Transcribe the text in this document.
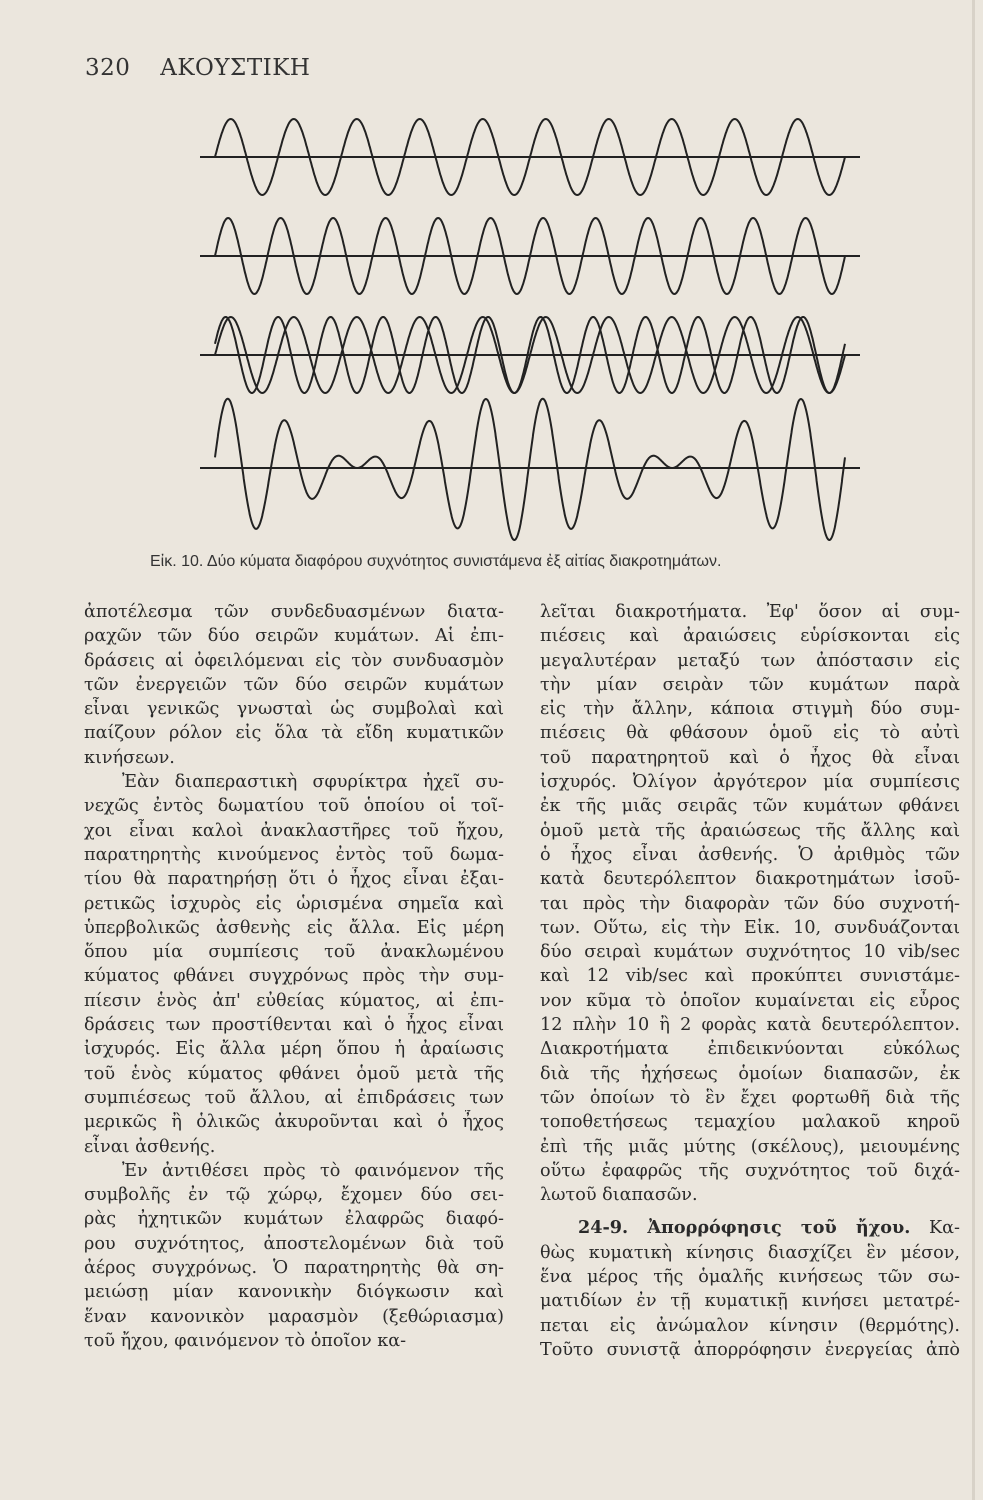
320 ΑΚΟΥΣΤΙΚΗ
Εἰκ. 10. Δύο κύματα διαφόρου συχνότητος συνιστάμενα ἐξ αἰτίας διακροτημάτων.
ἀποτέλεσμα τῶν συνδεδυασμένων διατα-
ραχῶν τῶν δύο σειρῶν κυμάτων. Αἱ ἐπι-
δράσεις αἱ ὀφειλόμεναι εἰς τὸν συνδυασμὸν
τῶν ἐνεργειῶν τῶν δύο σειρῶν κυμάτων
εἶναι γενικῶς γνωσταὶ ὡς συμβολαὶ καὶ
παίζουν ρόλον εἰς ὅλα τὰ εἴδη κυματικῶν
κινήσεων.
Ἐὰν διαπεραστικὴ σφυρίκτρα ἠχεῖ συ-
νεχῶς ἐντὸς δωματίου τοῦ ὁποίου οἱ τοῖ-
χοι εἶναι καλοὶ ἀνακλαστῆρες τοῦ ἤχου,
παρατηρητὴς κινούμενος ἐντὸς τοῦ δωμα-
τίου θὰ παρατηρήσῃ ὅτι ὁ ἦχος εἶναι ἐξαι-
ρετικῶς ἰσχυρὸς εἰς ὡρισμένα σημεῖα καὶ
ὑπερβολικῶς ἀσθενὴς εἰς ἄλλα. Εἰς μέρη
ὅπου μία συμπίεσις τοῦ ἀνακλωμένου
κύματος φθάνει συγχρόνως πρὸς τὴν συμ-
πίεσιν ἑνὸς ἀπ' εὐθείας κύματος, αἱ ἐπι-
δράσεις των προστίθενται καὶ ὁ ἦχος εἶναι
ἰσχυρός. Εἰς ἄλλα μέρη ὅπου ἡ ἀραίωσις
τοῦ ἑνὸς κύματος φθάνει ὁμοῦ μετὰ τῆς
συμπιέσεως τοῦ ἄλλου, αἱ ἐπιδράσεις των
μερικῶς ἢ ὁλικῶς ἀκυροῦνται καὶ ὁ ἦχος
εἶναι ἀσθενής.
Ἐν ἀντιθέσει πρὸς τὸ φαινόμενον τῆς
συμβολῆς ἐν τῷ χώρῳ, ἔχομεν δύο σει-
ρὰς ἠχητικῶν κυμάτων ἐλαφρῶς διαφό-
ρου συχνότητος, ἀποστελομένων διὰ τοῦ
ἀέρος συγχρόνως. Ὁ παρατηρητὴς θὰ ση-
μειώσῃ μίαν κανονικὴν διόγκωσιν καὶ
ἕναν κανονικὸν μαρασμὸν (ξεθώριασμα)
τοῦ ἤχου, φαινόμενον τὸ ὁποῖον κα-
λεῖται διακροτήματα. Ἐφ' ὅσον αἱ συμ-
πιέσεις καὶ ἀραιώσεις εὑρίσκονται εἰς
μεγαλυτέραν μεταξύ των ἀπόστασιν εἰς
τὴν μίαν σειρὰν τῶν κυμάτων παρὰ
εἰς τὴν ἄλλην, κάποια στιγμὴ δύο συμ-
πιέσεις θὰ φθάσουν ὁμοῦ εἰς τὸ αὐτὶ
τοῦ παρατηρητοῦ καὶ ὁ ἦχος θὰ εἶναι
ἰσχυρός. Ὀλίγον ἀργότερον μία συμπίεσις
ἐκ τῆς μιᾶς σειρᾶς τῶν κυμάτων φθάνει
ὁμοῦ μετὰ τῆς ἀραιώσεως τῆς ἄλλης καὶ
ὁ ἦχος εἶναι ἀσθενής. Ὁ ἀριθμὸς τῶν
κατὰ δευτερόλεπτον διακροτημάτων ἰσοῦ-
ται πρὸς τὴν διαφορὰν τῶν δύο συχνοτή-
των. Οὕτω, εἰς τὴν Εἰκ. 10, συνδυάζονται
δύο σειραὶ κυμάτων συχνότητος 10 vib/sec
καὶ 12 vib/sec καὶ προκύπτει συνιστάμε-
νον κῦμα τὸ ὁποῖον κυμαίνεται εἰς εὖρος
12 πλὴν 10 ἢ 2 φορὰς κατὰ δευτερόλεπτον.
Διακροτήματα ἐπιδεικνύονται εὐκόλως
διὰ τῆς ἠχήσεως ὁμοίων διαπασῶν, ἐκ
τῶν ὁποίων τὸ ἓν ἔχει φορτωθῆ διὰ τῆς
τοποθετήσεως τεμαχίου μαλακοῦ κηροῦ
ἐπὶ τῆς μιᾶς μύτης (σκέλους), μειουμένης
οὕτω ἐφαφρῶς τῆς συχνότητος τοῦ διχά-
λωτοῦ διαπασῶν.
24-9. Ἀπορρόφησις τοῦ ἤχου. Κα-
θὼς κυματικὴ κίνησις διασχίζει ἓν μέσον,
ἕνα μέρος τῆς ὁμαλῆς κινήσεως τῶν σω-
ματιδίων ἐν τῇ κυματικῇ κινήσει μετατρέ-
πεται εἰς ἀνώμαλον κίνησιν (θερμότης).
Τοῦτο συνιστᾷ ἀπορρόφησιν ἐνεργείας ἀπὸ
